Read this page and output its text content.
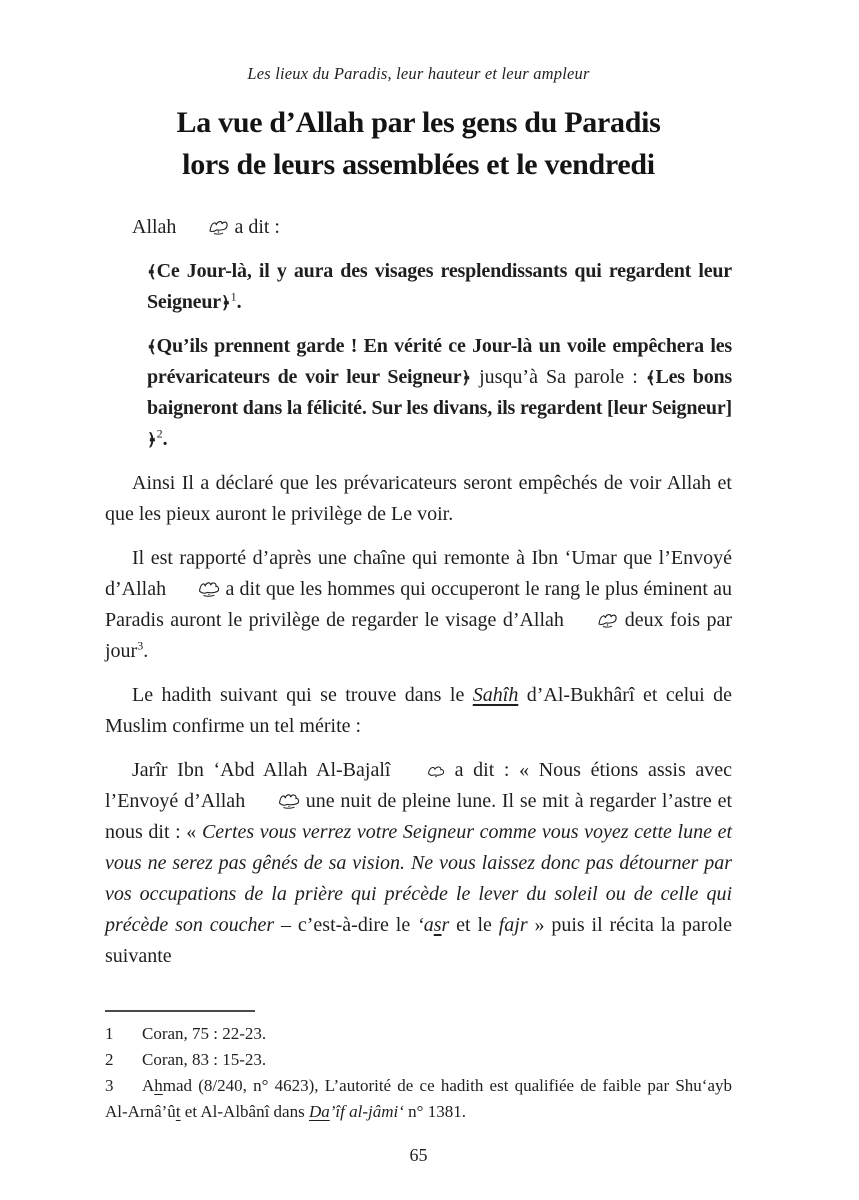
Les lieux du Paradis, leur hauteur et leur ampleur
La vue d’Allah par les gens du Paradis
lors de leurs assemblées et le vendredi

Allah  a dit :

﴾Ce Jour-là, il y aura des visages resplendissants qui regardent leur Seigneur﴿$^1$.

﴾Qu’ils prennent garde ! En vérité ce Jour-là un voile empêchera les prévaricateurs de voir leur Seigneur﴿ jusqu’à Sa parole : ﴾Les bons baigneront dans la félicité. Sur les divans, ils regardent [leur Seigneur]﴿$^2$.

Ainsi Il a déclaré que les prévaricateurs seront empêchés de voir Allah et que les pieux auront le privilège de Le voir.

Il est rapporté d’après une chaîne qui remonte à Ibn ‘Umar que l’Envoyé d’Allah  a dit que les hommes qui occuperont le rang le plus éminent au Paradis auront le privilège de regarder le visage d’Allah  deux fois par jour$^3$.

Le hadith suivant qui se trouve dans le Sahîh d’Al-Bukhârî et celui de Muslim confirme un tel mérite :

Jarîr Ibn ‘Abd Allah Al-Bajalî  a dit : « Nous étions assis avec l’Envoyé d’Allah  une nuit de pleine lune. Il se mit à regarder l’astre et nous dit : « Certes vous verrez votre Seigneur comme vous voyez cette lune et vous ne serez pas gênés de sa vision. Ne vous laissez donc pas détourner par vos occupations de la prière qui précède le lever du soleil ou de celle qui précède son coucher – c’est-à-dire le ‘asr et le fajr » puis il récita la parole suivante

1 Coran, 75 : 22-23.
2 Coran, 83 : 15-23.
3 Ahmad (8/240, n° 4623), L’autorité de ce hadith est qualifiée de faible par Shu‘ayb Al-Arnâ’ût et Al-Albânî dans Da’îf al-jâmi‘ n° 1381.
65
